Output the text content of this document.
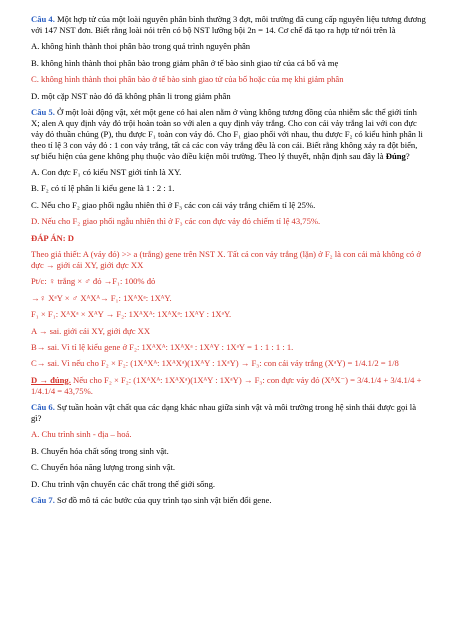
Câu 4. Một hợp tử của một loài nguyên phân bình thường 3 đợt, môi trường đã cung cấp nguyên liệu tương đương với 147 NST đơn. Biết rằng loài nói trên có bộ NST lưỡng bội 2n = 14. Cơ chế đã tạo ra hợp tử nói trên là

A. không hình thành thoi phân bào trong quá trình nguyên phân

B. không hình thành thoi phân bào trong giảm phân ở tế bào sinh giao tử của cả bố và mẹ

C. không hình thành thoi phân bào ở tế bào sinh giao tử của bố hoặc của mẹ khi giảm phân

D. một cặp NST nào đó đã không phân li trong giảm phân

Câu 5. Ở một loài động vật, xét một gene có hai alen nằm ở vùng không tương đồng của nhiễm sắc thể giới tính X; alen A quy định vảy đỏ trội hoàn toàn so với alen a quy định vảy trắng. Cho con cái vảy trắng lai với con đực vảy đỏ thuần chủng (P), thu được F₁ toàn con vảy đỏ. Cho F₁ giao phối với nhau, thu được F₂ có kiểu hình phân li theo tỉ lệ 3 con vảy đỏ : 1 con vảy trắng, tất cả các con vảy trắng đều là con cái. Biết rằng không xảy ra đột biến, sự biểu hiện của gene không phụ thuộc vào điều kiện môi trường. Theo lý thuyết, nhận định sau đây là Đúng?

A. Con đực F₁ có kiểu NST giới tính là XY.

B. F₂ có tỉ lệ phân li kiểu gene là 1 : 2 : 1.

C. Nếu cho F₂ giao phối ngẫu nhiên thì ở F₃ các con cái vảy trắng chiếm tỉ lệ 25%.

D. Nếu cho F₂ giao phối ngẫu nhiên thì ở F₃ các con đực vảy đỏ chiếm tỉ lệ 43,75%.

ĐÁP ÁN: D

Theo giả thiết: A (vảy đỏ) >> a (trắng) gene trên NST X. Tất cả con vảy trắng (lặn) ở F₂ là con cái mà không có ở đực → giới cái XY, giới đực XX

Pt/c: ♀ trắng × ♂ đỏ →F₁: 100% đỏ

→♀ XᵃY × ♂ XᴬXᴬ→ F₁: 1XᴬXᵃ: 1XᴬY.

F₁ × F₁: XᴬXᵃ × XᴬY → F₂: 1XᴬXᴬ: 1XᴬXᵃ: 1XᴬY : 1XᵃY.

A → sai. giới cái XY, giới đực XX

B→ sai. Vì tỉ lệ kiểu gene ở F₂: 1XᴬXᴬ: 1XᴬXᵃ : 1XᴬY : 1XᵃY = 1 : 1 : 1 : 1.

C→ sai. Vì nếu cho F₂ × F₂: (1XᴬXᴬ: 1XᴬXᵃ)(1XᴬY : 1XᵃY) → F₃: con cái vảy trắng (XᵃY) = 1/4.1/2 = 1/8

D → đúng. Nếu cho F₂ × F₂: (1XᴬXᴬ: 1XᴬXᵃ)(1XᴬY : 1XᵃY) → F₃: con đực vảy đỏ (XᴬX⁻) = 3/4.1/4 + 3/4.1/4 + 1/4.1/4 = 43,75%.

Câu 6. Sự tuần hoàn vật chất qua các dạng khác nhau giữa sinh vật và môi trường trong hệ sinh thái được gọi là gì?

A. Chu trình sinh - địa – hoá.

B. Chuyển hóa chất sống trong sinh vật.

C. Chuyển hóa năng lượng trong sinh vật.

D. Chu trình vận chuyển các chất trong thế giới sống.

Câu 7. Sơ đồ mô tả các bước của quy trình tạo sinh vật biến đổi gene.
